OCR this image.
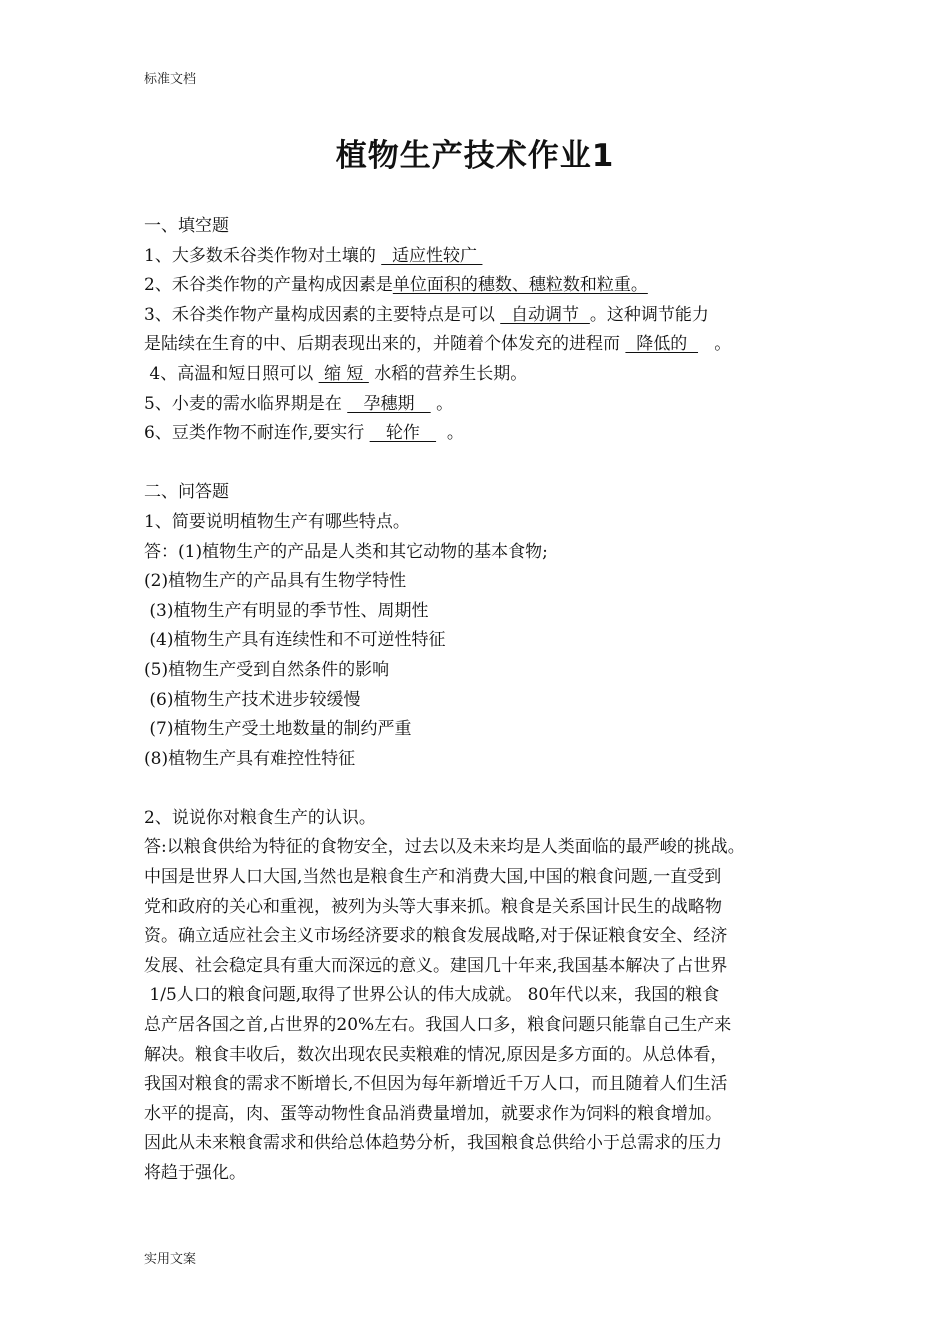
标准文档
植物生产技术作业1
一、填空题
1、大多数禾谷类作物对土壤的   适应性较广
2、禾谷类作物的产量构成因素是单位面积的穗数、穗粒数和粒重。
3、禾谷类作物产量构成因素的主要特点是可以   自动调节  。这种调节能力
是陆续在生育的中、后期表现出来的，并随着个体发充的进程而   降低的     。
4、高温和短日照可以  缩 短  水稻的营养生长期。
5、小麦的需水临界期是在    孕穗期    。
6、豆类作物不耐连作,要实行    轮作     。
二、问答题
1、简要说明植物生产有哪些特点。
答：(1)植物生产的产品是人类和其它动物的基本食物;
(2)植物生产的产品具有生物学特性
(3)植物生产有明显的季节性、周期性
(4)植物生产具有连续性和不可逆性特征
(5)植物生产受到自然条件的影响
(6)植物生产技术进步较缓慢
(7)植物生产受土地数量的制约严重
(8)植物生产具有难控性特征
2、说说你对粮食生产的认识。
答:以粮食供给为特征的食物安全，过去以及未来均是人类面临的最严峻的挑战。
中国是世界人口大国,当然也是粮食生产和消费大国,中国的粮食问题,一直受到
党和政府的关心和重视，被列为头等大事来抓。粮食是关系国计民生的战略物
资。确立适应社会主义市场经济要求的粮食发展战略,对于保证粮食安全、经济
发展、社会稳定具有重大而深远的意义。建国几十年来,我国基本解决了占世界
1/5人口的粮食问题,取得了世界公认的伟大成就。 80年代以来，我国的粮食
总产居各国之首,占世界的20%左右。我国人口多，粮食问题只能靠自己生产来
解决。粮食丰收后，数次出现农民卖粮难的情况,原因是多方面的。从总体看，
我国对粮食的需求不断增长,不但因为每年新增近千万人口，而且随着人们生活
水平的提高，肉、蛋等动物性食品消费量增加，就要求作为饲料的粮食增加。
因此从未来粮食需求和供给总体趋势分析，我国粮食总供给小于总需求的压力
将趋于强化。
实用文案
